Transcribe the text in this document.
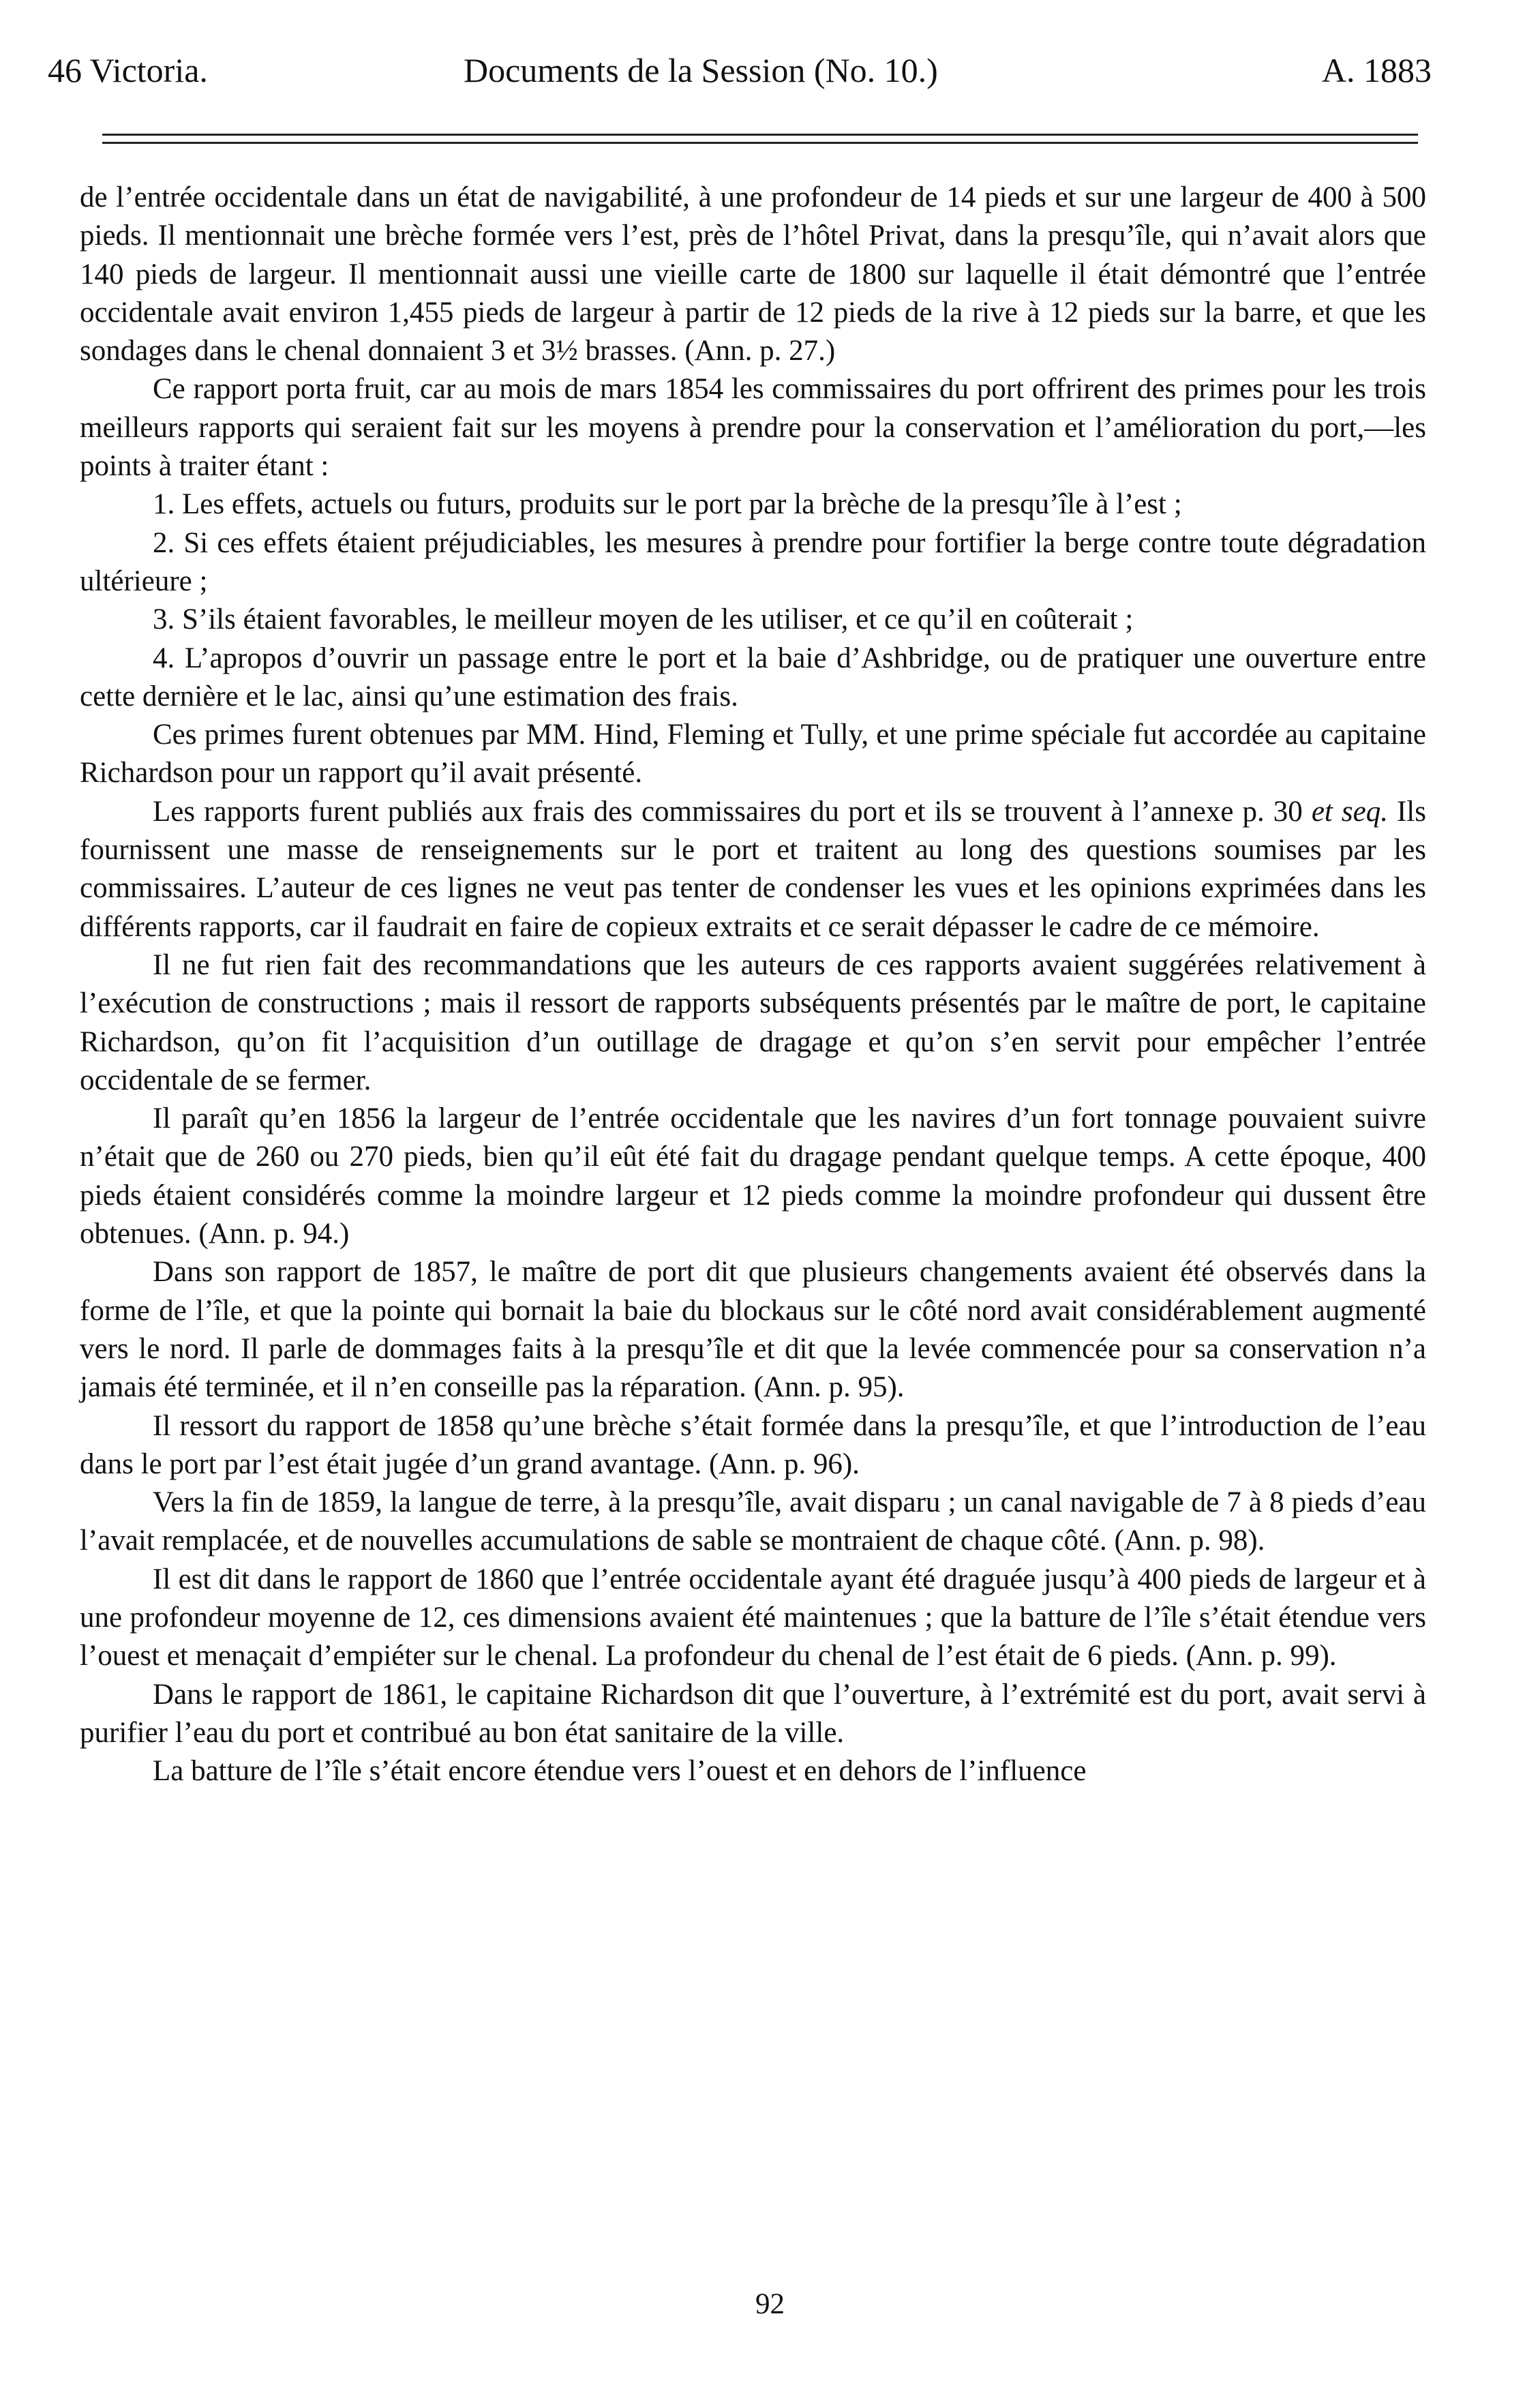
46 Victoria.	Documents de la Session (No. 10.)	A. 1883

de l’entrée occidentale dans un état de navigabilité, à une profondeur de 14 pieds et sur une largeur de 400 à 500 pieds. Il mentionnait une brèche formée vers l’est, près de l’hôtel Privat, dans la presqu’île, qui n’avait alors que 140 pieds de largeur. Il mentionnait aussi une vieille carte de 1800 sur laquelle il était démontré que l’entrée occidentale avait environ 1,455 pieds de largeur à partir de 12 pieds de la rive à 12 pieds sur la barre, et que les sondages dans le chenal donnaient 3 et 3½ brasses. (Ann. p. 27.)

Ce rapport porta fruit, car au mois de mars 1854 les commissaires du port offrirent des primes pour les trois meilleurs rapports qui seraient fait sur les moyens à prendre pour la conservation et l’amélioration du port,—les points à traiter étant :

1. Les effets, actuels ou futurs, produits sur le port par la brèche de la presqu’île à l’est ;

2. Si ces effets étaient préjudiciables, les mesures à prendre pour fortifier la berge contre toute dégradation ultérieure ;

3. S’ils étaient favorables, le meilleur moyen de les utiliser, et ce qu’il en coûterait ;

4. L’apropos d’ouvrir un passage entre le port et la baie d’Ashbridge, ou de pratiquer une ouverture entre cette dernière et le lac, ainsi qu’une estimation des frais.

Ces primes furent obtenues par MM. Hind, Fleming et Tully, et une prime spéciale fut accordée au capitaine Richardson pour un rapport qu’il avait présenté.

Les rapports furent publiés aux frais des commissaires du port et ils se trouvent à l’annexe p. 30 et seq. Ils fournissent une masse de renseignements sur le port et traitent au long des questions soumises par les commissaires. L’auteur de ces lignes ne veut pas tenter de condenser les vues et les opinions exprimées dans les différents rapports, car il faudrait en faire de copieux extraits et ce serait dépasser le cadre de ce mémoire.

Il ne fut rien fait des recommandations que les auteurs de ces rapports avaient suggérées relativement à l’exécution de constructions ; mais il ressort de rapports subséquents présentés par le maître de port, le capitaine Richardson, qu’on fit l’acquisition d’un outillage de dragage et qu’on s’en servit pour empêcher l’entrée occidentale de se fermer.

Il paraît qu’en 1856 la largeur de l’entrée occidentale que les navires d’un fort tonnage pouvaient suivre n’était que de 260 ou 270 pieds, bien qu’il eût été fait du dragage pendant quelque temps. A cette époque, 400 pieds étaient considérés comme la moindre largeur et 12 pieds comme la moindre profondeur qui dussent être obtenues. (Ann. p. 94.)

Dans son rapport de 1857, le maître de port dit que plusieurs changements avaient été observés dans la forme de l’île, et que la pointe qui bornait la baie du blockaus sur le côté nord avait considérablement augmenté vers le nord. Il parle de dommages faits à la presqu’île et dit que la levée commencée pour sa conservation n’a jamais été terminée, et il n’en conseille pas la réparation. (Ann. p. 95).

Il ressort du rapport de 1858 qu’une brèche s’était formée dans la presqu’île, et que l’introduction de l’eau dans le port par l’est était jugée d’un grand avantage. (Ann. p. 96).

Vers la fin de 1859, la langue de terre, à la presqu’île, avait disparu ; un canal navigable de 7 à 8 pieds d’eau l’avait remplacée, et de nouvelles accumulations de sable se montraient de chaque côté. (Ann. p. 98).

Il est dit dans le rapport de 1860 que l’entrée occidentale ayant été draguée jusqu’à 400 pieds de largeur et à une profondeur moyenne de 12, ces dimensions avaient été maintenues ; que la batture de l’île s’était étendue vers l’ouest et menaçait d’empiéter sur le chenal. La profondeur du chenal de l’est était de 6 pieds. (Ann. p. 99).

Dans le rapport de 1861, le capitaine Richardson dit que l’ouverture, à l’extrémité est du port, avait servi à purifier l’eau du port et contribué au bon état sanitaire de la ville.

La batture de l’île s’était encore étendue vers l’ouest et en dehors de l’influence

92
